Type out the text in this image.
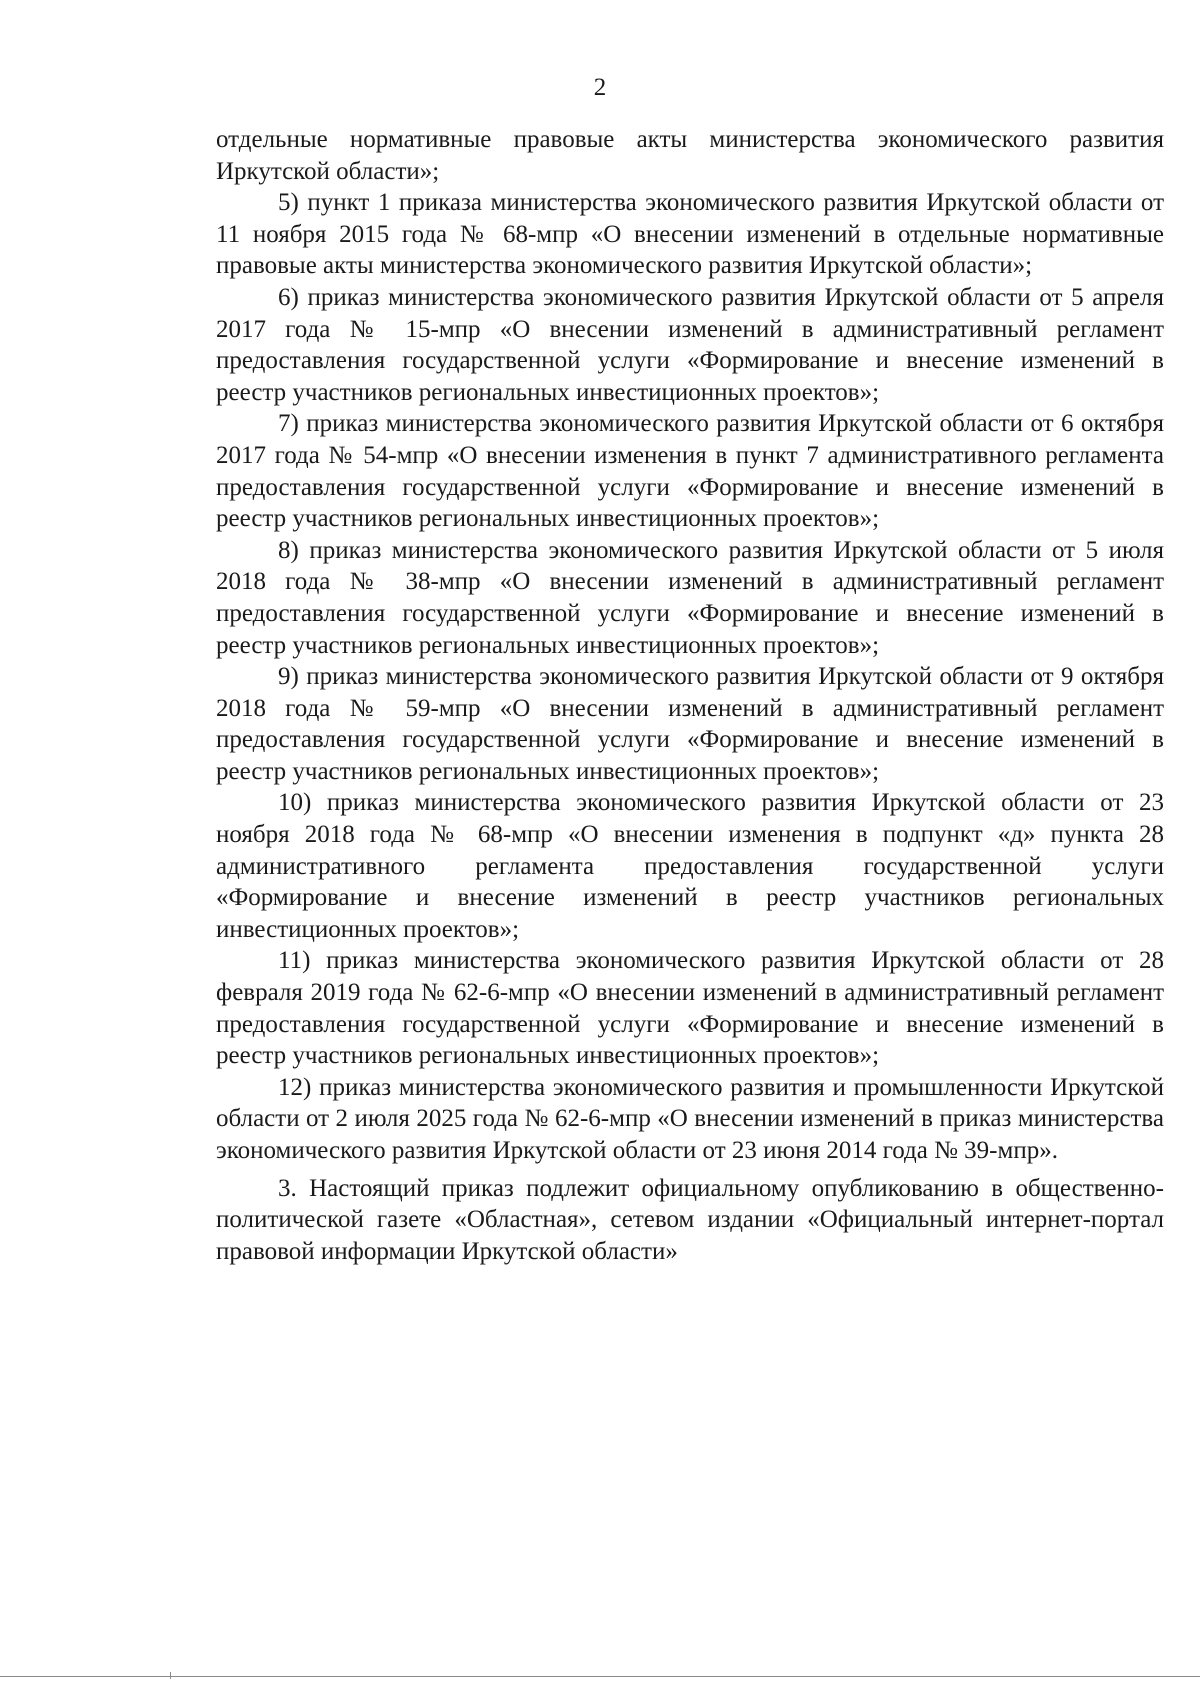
2

отдельные нормативные правовые акты министерства экономического развития Иркутской области»;

5) пункт 1 приказа министерства экономического развития Иркутской области от 11 ноября 2015 года № 68-мпр «О внесении изменений в отдельные нормативные правовые акты министерства экономического развития Иркутской области»;

6) приказ министерства экономического развития Иркутской области от 5 апреля 2017 года № 15-мпр «О внесении изменений в административный регламент предоставления государственной услуги «Формирование и внесение изменений в реестр участников региональных инвестиционных проектов»;

7) приказ министерства экономического развития Иркутской области от 6 октября 2017 года № 54-мпр «О внесении изменения в пункт 7 административного регламента предоставления государственной услуги «Формирование и внесение изменений в реестр участников региональных инвестиционных проектов»;

8) приказ министерства экономического развития Иркутской области от 5 июля 2018 года № 38-мпр «О внесении изменений в административный регламент предоставления государственной услуги «Формирование и внесение изменений в реестр участников региональных инвестиционных проектов»;

9) приказ министерства экономического развития Иркутской области от 9 октября 2018 года № 59-мпр «О внесении изменений в административный регламент предоставления государственной услуги «Формирование и внесение изменений в реестр участников региональных инвестиционных проектов»;

10) приказ министерства экономического развития Иркутской области от 23 ноября 2018 года № 68-мпр «О внесении изменения в подпункт «д» пункта 28 административного регламента предоставления государственной услуги «Формирование и внесение изменений в реестр участников региональных инвестиционных проектов»;

11) приказ министерства экономического развития Иркутской области от 28 февраля 2019 года № 62-6-мпр «О внесении изменений в административный регламент предоставления государственной услуги «Формирование и внесение изменений в реестр участников региональных инвестиционных проектов»;

12) приказ министерства экономического развития и промышленности Иркутской области от 2 июля 2025 года № 62-6-мпр «О внесении изменений в приказ министерства экономического развития Иркутской области от 23 июня 2014 года № 39-мпр».

3. Настоящий приказ подлежит официальному опубликованию в общественно-политической газете «Областная», сетевом издании «Официальный интернет-портал правовой информации Иркутской области»
